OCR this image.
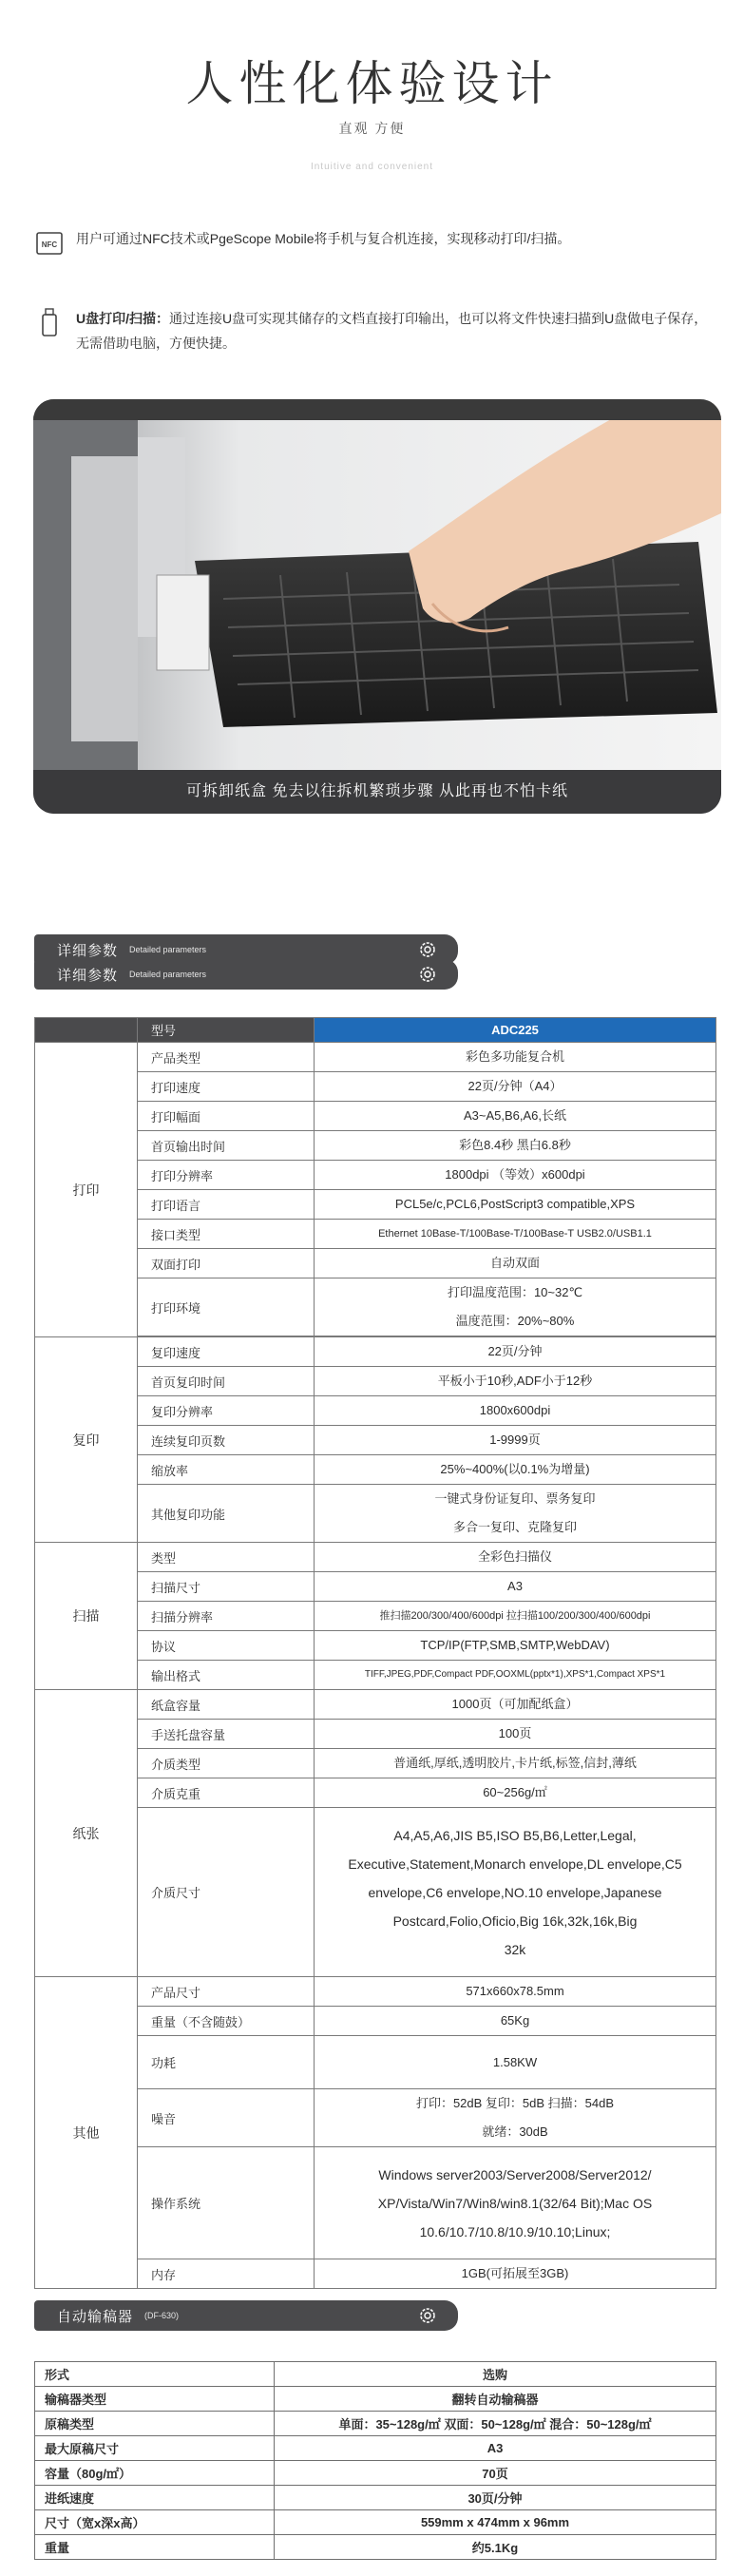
人性化体验设计
直观 方便
Intuitive and convenient
NFC 用户可通过NFC技术或PgeScope Mobile将手机与复合机连接，实现移动打印/扫描。
U盘打印/扫描：通过连接U盘可实现其储存的文档直接打印输出，也可以将文件快速扫描到U盘做电子保存，无需借助电脑，方便快捷。
可拆卸纸盒 免去以往拆机繁琐步骤 从此再也不怕卡纸
详细参数 Detailed parameters
详细参数 Detailed parameters
	型号	ADC225
打印	产品类型	彩色多功能复合机
	打印速度	22页/分钟（A4）
	打印幅面	A3~A5,B6,A6,长纸
	首页输出时间	彩色8.4秒 黑白6.8秒
	打印分辨率	1800dpi （等效）x600dpi
	打印语言	PCL5e/c,PCL6,PostScript3 compatible,XPS
	接口类型	Ethernet 10Base-T/100Base-T/100Base-T USB2.0/USB1.1
	双面打印	自动双面
	打印环境	打印温度范围：10~32℃
温度范围：20%~80%

复印	复印速度	22页/分钟
	首页复印时间	平板小于10秒,ADF小于12秒
	复印分辨率	1800x600dpi
	连续复印页数	1-9999页
	缩放率	25%~400%(以0.1%为增量)
	其他复印功能	一键式身份证复印、票务复印
多合一复印、克隆复印

扫描	类型	全彩色扫描仪
	扫描尺寸	A3
	扫描分辨率	推扫描200/300/400/600dpi 拉扫描100/200/300/400/600dpi
	协议	TCP/IP(FTP,SMB,SMTP,WebDAV)
	输出格式	TIFF,JPEG,PDF,Compact PDF,OOXML(pptx*1),XPS*1,Compact XPS*1
纸张	纸盒容量	1000页（可加配纸盒）
	手送托盘容量	100页
	介质类型	普通纸,厚纸,透明胶片,卡片纸,标签,信封,薄纸
	介质克重	60~256g/㎡
	介质尺寸	A4,A5,A6,JIS B5,ISO B5,B6,Letter,Legal,
Executive,Statement,Monarch envelope,DL envelope,C5
envelope,C6 envelope,NO.10 envelope,Japanese
Postcard,Folio,Oficio,Big 16k,32k,16k,Big
32k

其他	产品尺寸	571x660x78.5mm
	重量（不含随鼓）	65Kg
	功耗	1.58KW
	噪音	打印：52dB 复印：5dB 扫描：54dB
就绪：30dB

	操作系统	Windows server2003/Server2008/Server2012/
XP/Vista/Win7/Win8/win8.1(32/64 Bit);Mac OS
10.6/10.7/10.8/10.9/10.10;Linux;

	内存	1GB(可拓展至3GB)
自动输稿器 (DF-630)
形式	选购
输稿器类型	翻转自动输稿器
原稿类型	单面：35~128g/㎡ 双面：50~128g/㎡ 混合：50~128g/㎡
最大原稿尺寸	A3
容量（80g/㎡）	70页
进纸速度	30页/分钟
尺寸（宽x深x高）	559mm x 474mm x 96mm
重量	约5.1Kg
